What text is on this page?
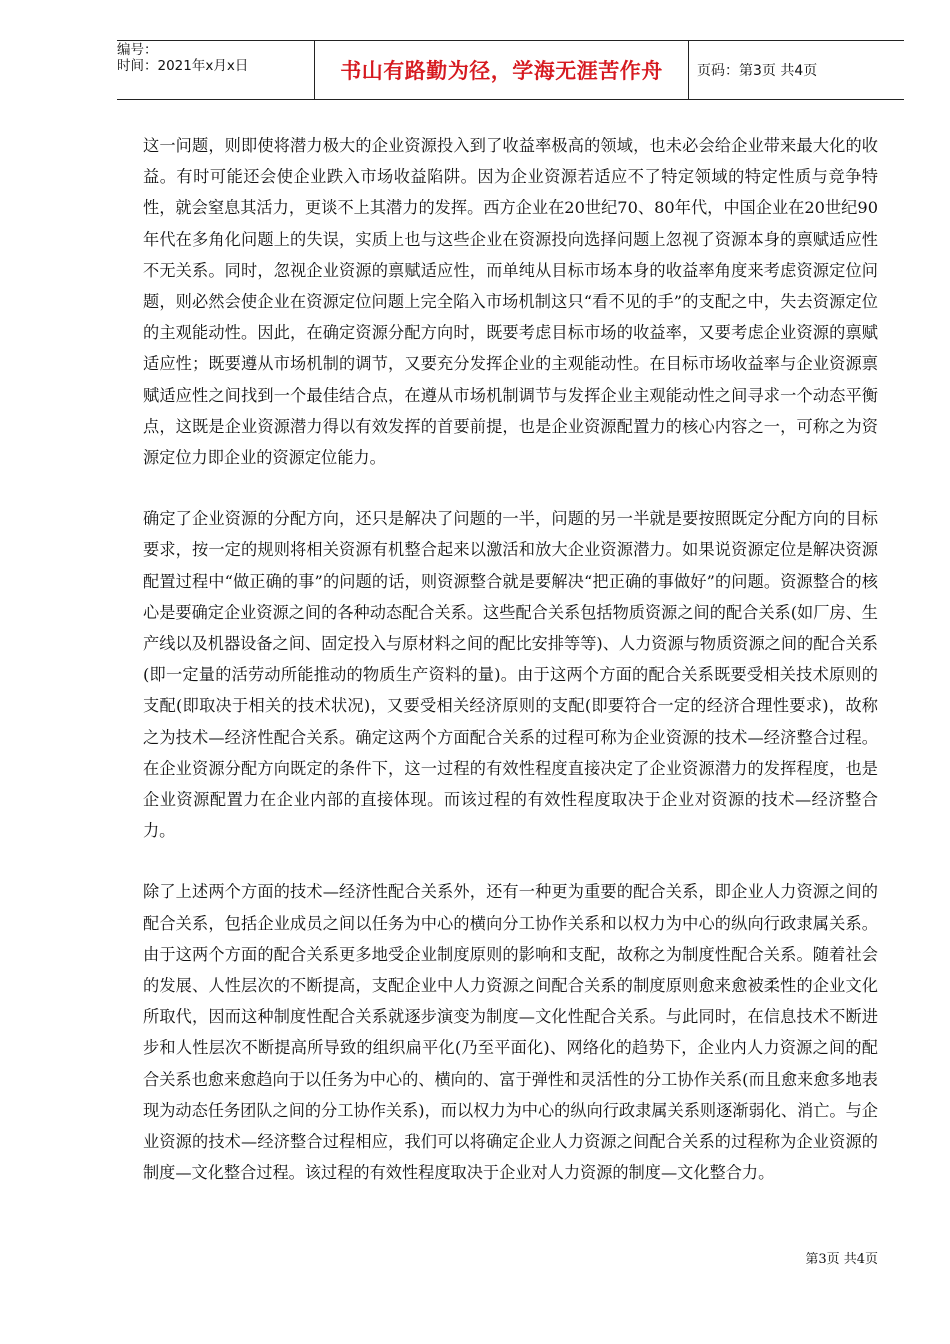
编号：
时间：2021年x月x日	书山有路勤为径，学海无涯苦作舟	页码：第3页 共4页

这一问题，则即使将潜力极大的企业资源投入到了收益率极高的领域，也未必会给企业带来最大化的收益。有时可能还会使企业跌入市场收益陷阱。因为企业资源若适应不了特定领域的特定性质与竞争特性，就会窒息其活力，更谈不上其潜力的发挥。西方企业在20世纪70、80年代，中国企业在20世纪90年代在多角化问题上的失误，实质上也与这些企业在资源投向选择问题上忽视了资源本身的禀赋适应性不无关系。同时，忽视企业资源的禀赋适应性，而单纯从目标市场本身的收益率角度来考虑资源定位问题，则必然会使企业在资源定位问题上完全陷入市场机制这只“看不见的手”的支配之中，失去资源定位的主观能动性。因此，在确定资源分配方向时，既要考虑目标市场的收益率，又要考虑企业资源的禀赋适应性；既要遵从市场机制的调节，又要充分发挥企业的主观能动性。在目标市场收益率与企业资源禀赋适应性之间找到一个最佳结合点，在遵从市场机制调节与发挥企业主观能动性之间寻求一个动态平衡点，这既是企业资源潜力得以有效发挥的首要前提，也是企业资源配置力的核心内容之一，可称之为资源定位力即企业的资源定位能力。

确定了企业资源的分配方向，还只是解决了问题的一半，问题的另一半就是要按照既定分配方向的目标要求，按一定的规则将相关资源有机整合起来以激活和放大企业资源潜力。如果说资源定位是解决资源配置过程中“做正确的事”的问题的话，则资源整合就是要解决“把正确的事做好”的问题。资源整合的核心是要确定企业资源之间的各种动态配合关系。这些配合关系包括物质资源之间的配合关系(如厂房、生产线以及机器设备之间、固定投入与原材料之间的配比安排等等)、人力资源与物质资源之间的配合关系(即一定量的活劳动所能推动的物质生产资料的量)。由于这两个方面的配合关系既要受相关技术原则的支配(即取决于相关的技术状况)，又要受相关经济原则的支配(即要符合一定的经济合理性要求)，故称之为技术—经济性配合关系。确定这两个方面配合关系的过程可称为企业资源的技术—经济整合过程。在企业资源分配方向既定的条件下，这一过程的有效性程度直接决定了企业资源潜力的发挥程度，也是企业资源配置力在企业内部的直接体现。而该过程的有效性程度取决于企业对资源的技术—经济整合力。

除了上述两个方面的技术—经济性配合关系外，还有一种更为重要的配合关系，即企业人力资源之间的配合关系，包括企业成员之间以任务为中心的横向分工协作关系和以权力为中心的纵向行政隶属关系。由于这两个方面的配合关系更多地受企业制度原则的影响和支配，故称之为制度性配合关系。随着社会的发展、人性层次的不断提高，支配企业中人力资源之间配合关系的制度原则愈来愈被柔性的企业文化所取代，因而这种制度性配合关系就逐步演变为制度—文化性配合关系。与此同时，在信息技术不断进步和人性层次不断提高所导致的组织扁平化(乃至平面化)、网络化的趋势下，企业内人力资源之间的配合关系也愈来愈趋向于以任务为中心的、横向的、富于弹性和灵活性的分工协作关系(而且愈来愈多地表现为动态任务团队之间的分工协作关系)，而以权力为中心的纵向行政隶属关系则逐渐弱化、消亡。与企业资源的技术—经济整合过程相应，我们可以将确定企业人力资源之间配合关系的过程称为企业资源的制度—文化整合过程。该过程的有效性程度取决于企业对人力资源的制度—文化整合力。

第3页 共4页
